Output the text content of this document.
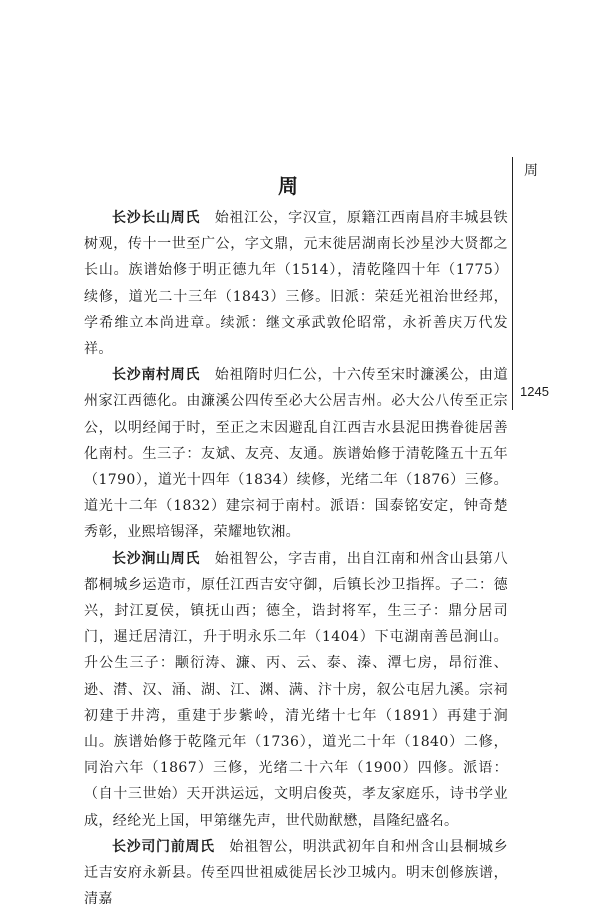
周
周
1245

长沙长山周氏　 始祖江公，字汉宣，原籍江西南昌府丰城县铁树观，传十一世至广公，字文鼎，元末徙居湖南长沙星沙大贤都之长山。族谱始修于明正德九年（1514），清乾隆四十年（1775）续修，道光二十三年（1843）三修。旧派：荣廷光祖治世经邦，学希维立本尚进章。续派：继文承武敦伦昭常，永祈善庆万代发祥。

长沙南村周氏　 始祖隋时归仁公，十六传至宋时濂溪公，由道州家江西德化。由濂溪公四传至必大公居吉州。必大公八传至正宗公，以明经闻于时，至正之末因避乱自江西吉水县泥田携眷徙居善化南村。生三子：友斌、友亮、友通。族谱始修于清乾隆五十五年（1790），道光十四年（1834）续修，光绪二年（1876）三修。道光十二年（1832）建宗祠于南村。派语：国泰铭安定，钟奇楚秀彰，业熙培锡泽，荣耀地钦湘。

长沙涧山周氏　 始祖智公，字吉甫，出自江南和州含山县第八都桐城乡运造市，原任江西吉安守御，后镇长沙卫指挥。子二：德兴，封江夏侯，镇抚山西；德全，诰封将军，生三子：鼎分居司门，暹迁居清江，升于明永乐二年（1404）下屯湖南善邑涧山。升公生三子：颙衍涛、濂、丙、云、泰、溱、潭七房，昂衍淮、逊、潸、汉、涌、湖、江、渊、满、汴十房，叙公屯居九溪。宗祠初建于井湾，重建于步紫岭，清光绪十七年（1891）再建于涧山。族谱始修于乾隆元年（1736），道光二十年（1840）二修，同治六年（1867）三修，光绪二十六年（1900）四修。派语：（自十三世始）天开洪运远，文明启俊英，孝友家庭乐，诗书学业成，经纶光上国，甲第继先声，世代勋猷懋，昌隆纪盛名。

长沙司门前周氏　 始祖智公，明洪武初年自和州含山县桐城乡迁吉安府永新县。传至四世祖威徙居长沙卫城内。明末创修族谱，清嘉
